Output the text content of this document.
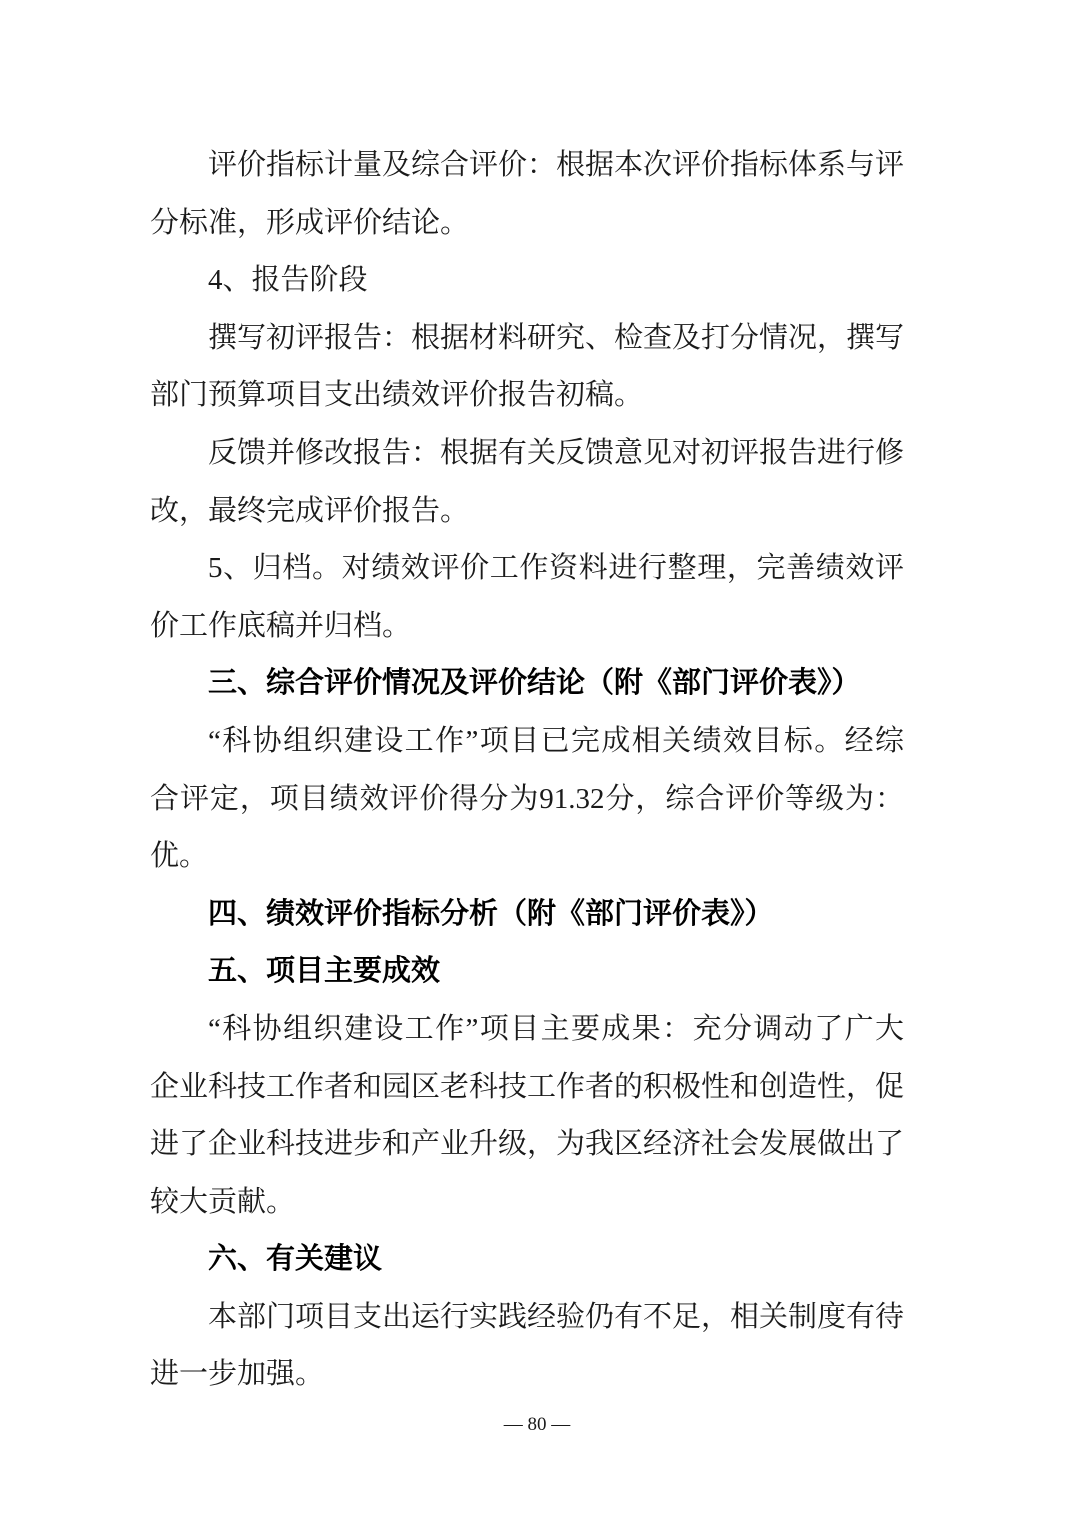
评价指标计量及综合评价：根据本次评价指标体系与评
分标准，形成评价结论。
4、报告阶段
撰写初评报告：根据材料研究、检查及打分情况，撰写
部门预算项目支出绩效评价报告初稿。
反馈并修改报告：根据有关反馈意见对初评报告进行修
改，最终完成评价报告。
5、归档。对绩效评价工作资料进行整理，完善绩效评
价工作底稿并归档。
三、综合评价情况及评价结论（附《部门评价表》）
“科协组织建设工作”项目已完成相关绩效目标。经综
合评定，项目绩效评价得分为91.32分，综合评价等级为：
优。
四、绩效评价指标分析（附《部门评价表》）
五、项目主要成效
“科协组织建设工作”项目主要成果：充分调动了广大
企业科技工作者和园区老科技工作者的积极性和创造性，促
进了企业科技进步和产业升级，为我区经济社会发展做出了
较大贡献。
六、有关建议
本部门项目支出运行实践经验仍有不足，相关制度有待
进一步加强。
— 80 —
